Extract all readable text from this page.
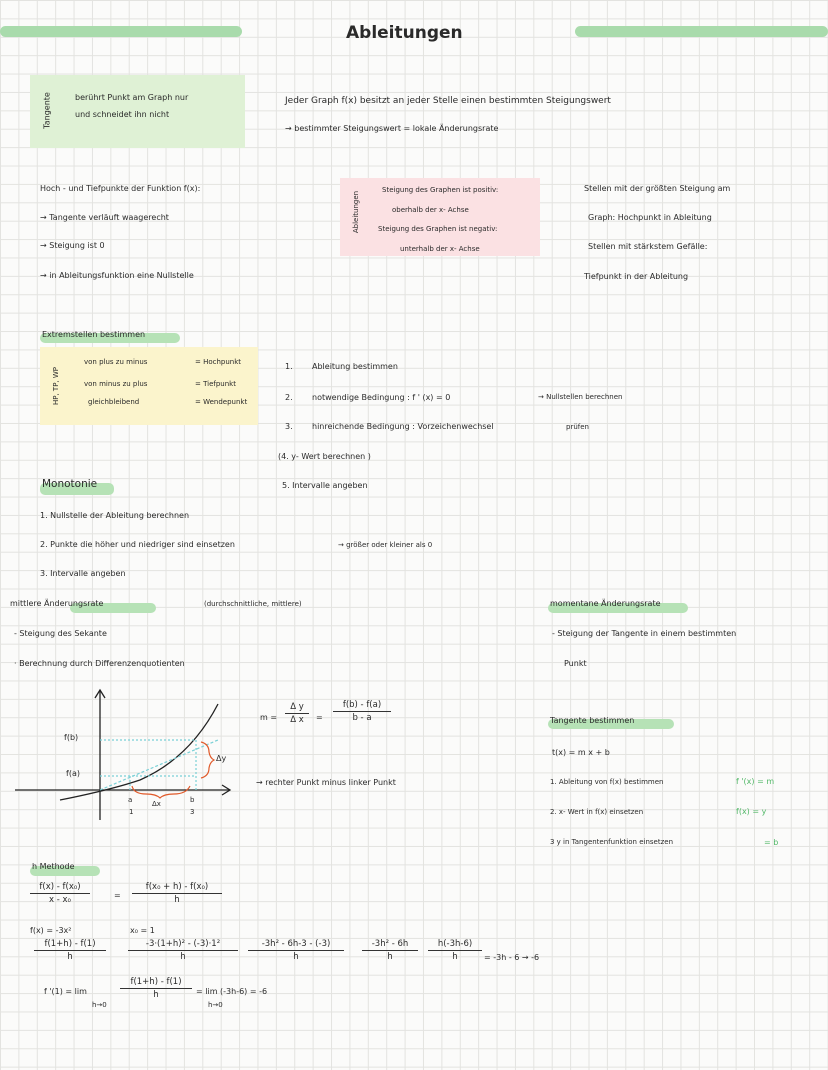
Ableitungen
Tangente	berührt Punkt am Graph nur
und schneidet ihn nicht
Jeder Graph f(x) besitzt an jeder Stelle einen bestimmten Steigungswert
→ bestimmter Steigungswert = lokale Änderungsrate
Hoch - und Tiefpunkte der Funktion f(x):
→ Tangente verläuft waagerecht
→ Steigung ist 0
→ in Ableitungsfunktion eine Nullstelle
Ableitungen
Steigung des Graphen ist positiv:
oberhalb der x- Achse
Steigung des Graphen ist negativ:
unterhalb der x- Achse
Stellen mit der größten Steigung am
Graph: Hochpunkt in Ableitung
Stellen mit stärkstem Gefälle:
Tiefpunkt in der Ableitung
Extremstellen bestimmen
HP, TP, WP
von plus zu minus	= Hochpunkt
von minus zu plus	= Tiefpunkt
gleichbleibend	= Wendepunkt
1. Ableitung bestimmen
2. notwendige Bedingung : f ' (x) = 0	→ Nullstellen berechnen
3. hinreichende Bedingung : Vorzeichenwechsel	prüfen
(4. y- Wert berechnen )
5. Intervalle angeben
Monotonie
1. Nullstelle der Ableitung berechnen
2. Punkte die höher und niedriger sind einsetzen	→ größer oder kleiner als 0
3. Intervalle angeben
mittlere Änderungsrate	(durchschnittliche, mittlere)
- Steigung des Sekante
· Berechnung durch Differenzenquotienten
momentane Änderungsrate
- Steigung der Tangente in einem bestimmten
Punkt
f(b)
f(a)
a
1
b
3
Δx
Δy
$m = \frac{\text{Δ y}}{\text{Δ x}} = \frac{f(b) - f(a)}{b - a}$
→ rechter Punkt minus linker Punkt
Tangente bestimmen
t(x) = m x + b
1. Ableitung von f(x) bestimmen	f '(x) = m
2. x- Wert in f(x) einsetzen	f(x) = y
3 y in Tangentenfunktion einsetzen	= b
h Methode
$\frac{\text{f(x) - f(x₀)}}{\text{x - x₀}}$	= $\frac{\text{f(x₀ + h) - f(x₀)}}{h}$
f(x) = -3x²	x₀ = 1
$\frac{f(1+h) - f(1)}{h}$	$\frac{\text{-3·(1+h)² - (-3)·1²}}{h} \frac{\text{-3h² - 6h-3 - (-3)}}{h} \frac{\text{-3h² - 6h}}{h} \frac{h(-3h-6)}{h} = -3h - 6 \to -6$
f '(1) = lim
h→0
$\frac{f(1+h) - f(1)}{h} = \lim (-3h-6) = -6$
h→0
